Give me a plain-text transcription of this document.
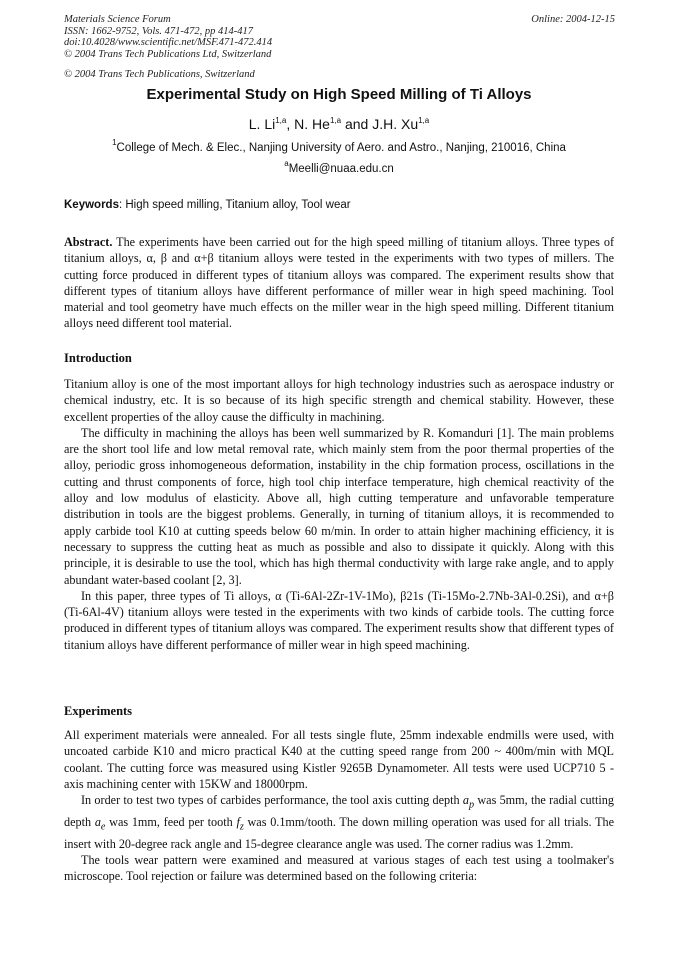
Materials Science Forum
ISSN: 1662-9752, Vols. 471-472, pp 414-417
doi:10.4028/www.scientific.net/MSF.471-472.414
© 2004 Trans Tech Publications Ltd, Switzerland
Online: 2004-12-15
© 2004 Trans Tech Publications, Switzerland
Experimental Study on High Speed Milling of Ti Alloys
L. Li$^{1,a}$, N. He$^{1,a}$ and J.H. Xu$^{1,a}$
$^1$College of Mech. & Elec., Nanjing University of Aero. and Astro., Nanjing, 210016, China
$^a$Meelli@nuaa.edu.cn
Keywords: High speed milling, Titanium alloy, Tool wear

Abstract. The experiments have been carried out for the high speed milling of titanium alloys. Three types of titanium alloys, α, β and α+β titanium alloys were tested in the experiments with two types of millers. The cutting force produced in different types of titanium alloys was compared. The experiment results show that different types of titanium alloys have different performance of miller wear in high speed machining. Tool material and tool geometry have much effects on the miller wear in the high speed milling. Different titanium alloys need different tool material.

Introduction

Titanium alloy is one of the most important alloys for high technology industries such as aerospace industry or chemical industry, etc. It is so because of its high specific strength and chemical stability. However, these excellent properties of the alloy cause the difficulty in machining.

The difficulty in machining the alloys has been well summarized by R. Komanduri [1]. The main problems are the short tool life and low metal removal rate, which mainly stem from the poor thermal properties of the alloy, periodic gross inhomogeneous deformation, instability in the chip formation process, oscillations in the cutting and thrust components of force, high tool chip interface temperature, high chemical reactivity of the alloy and low modulus of elasticity. Above all, high cutting temperature and unfavorable temperature distribution in tools are the biggest problems. Generally, in turning of titanium alloys, it is recommended to apply carbide tool K10 at cutting speeds below 60 m/min. In order to attain higher machining efficiency, it is necessary to suppress the cutting heat as much as possible and also to dissipate it quickly. Along with this principle, it is desirable to use the tool, which has high thermal conductivity with large rake angle, and to apply abundant water-based coolant [2, 3].

In this paper, three types of Ti alloys, α (Ti-6Al-2Zr-1V-1Mo), β21s (Ti-15Mo-2.7Nb-3Al-0.2Si), and α+β (Ti-6Al-4V) titanium alloys were tested in the experiments with two kinds of carbide tools. The cutting force produced in different types of titanium alloys was compared. The experiment results show that different types of titanium alloys have different performance of miller wear in high speed machining.

Experiments

All experiment materials were annealed. For all tests single flute, 25mm indexable endmills were used, with uncoated carbide K10 and micro practical K40 at the cutting speed range from 200 ~ 400m/min with MQL coolant. The cutting force was measured using Kistler 9265B Dynamometer. All tests were used UCP710 5 - axis machining center with 15KW and 18000rpm.

In order to test two types of carbides performance, the tool axis cutting depth $a_p$ was 5mm, the radial cutting depth $a_e$ was 1mm, feed per tooth $f_z$ was 0.1mm/tooth. The down milling operation was used for all trials. The insert with 20-degree rack angle and 15-degree clearance angle was used. The corner radius was 1.2mm.

The tools wear pattern were examined and measured at various stages of each test using a toolmaker's microscope. Tool rejection or failure was determined based on the following criteria:
